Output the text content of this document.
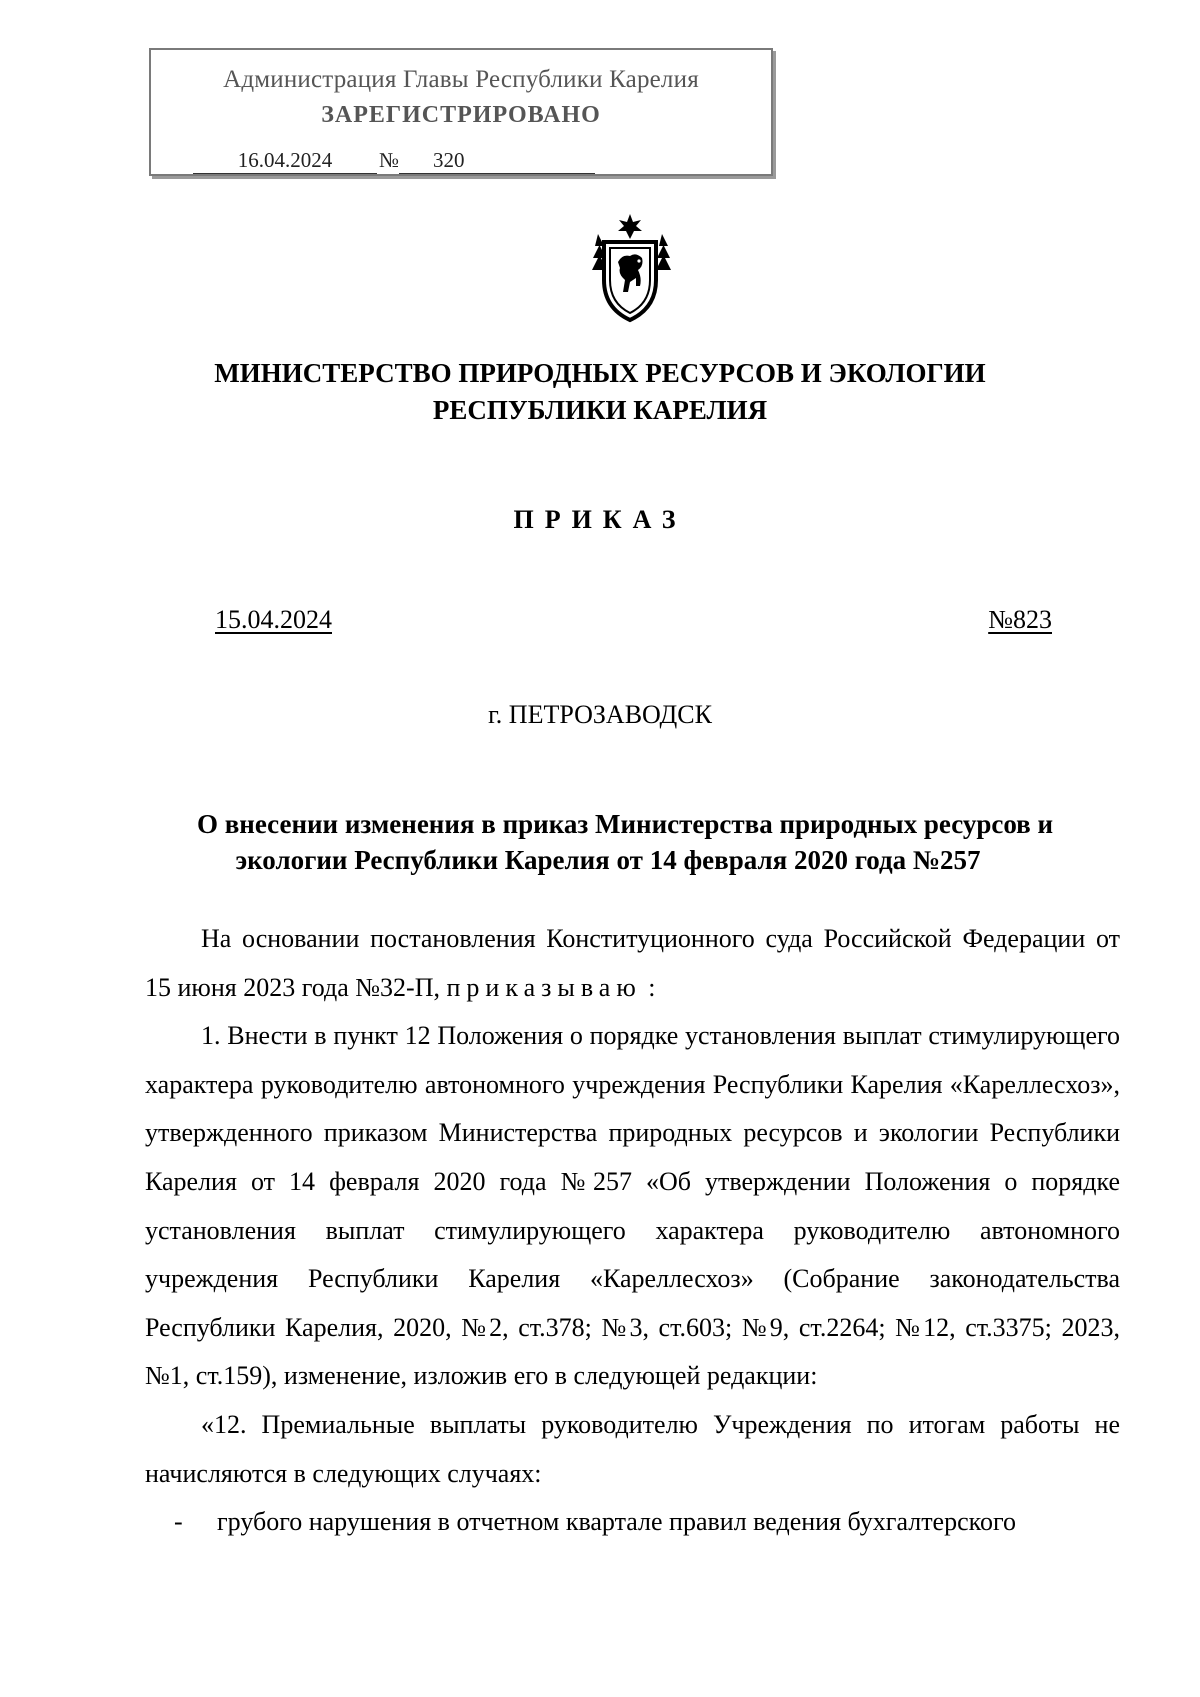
Администрация Главы Республики Карелия
ЗАРЕГИСТРИРОВАНО
16.04.2024 № 320
МИНИСТЕРСТВО ПРИРОДНЫХ РЕСУРСОВ И ЭКОЛОГИИ
РЕСПУБЛИКИ КАРЕЛИЯ
ПРИКАЗ
15.04.2024	№823
г. ПЕТРОЗАВОДСК
О внесении изменения в приказ Министерства природных ресурсов и
экологии Республики Карелия от 14 февраля 2020 года №257

На основании постановления Конституционного суда Российской Федерации от 15 июня 2023 года №32-П, приказываю :

1. Внести в пункт 12 Положения о порядке установления выплат стимулирующего характера руководителю автономного учреждения Республики Карелия «Кареллесхоз», утвержденного приказом Министерства природных ресурсов и экологии Республики Карелия от 14 февраля 2020 года №257 «Об утверждении Положения о порядке установления выплат стимулирующего характера руководителю автономного учреждения Республики Карелия «Кареллесхоз» (Собрание законодательства Республики Карелия, 2020, №2, ст.378; №3, ст.603; №9, ст.2264; №12, ст.3375; 2023, №1, ст.159), изменение, изложив его в следующей редакции:

«12. Премиальные выплаты руководителю Учреждения по итогам работы не начисляются в следующих случаях:

- грубого нарушения в отчетном квартале правил ведения бухгалтерского
